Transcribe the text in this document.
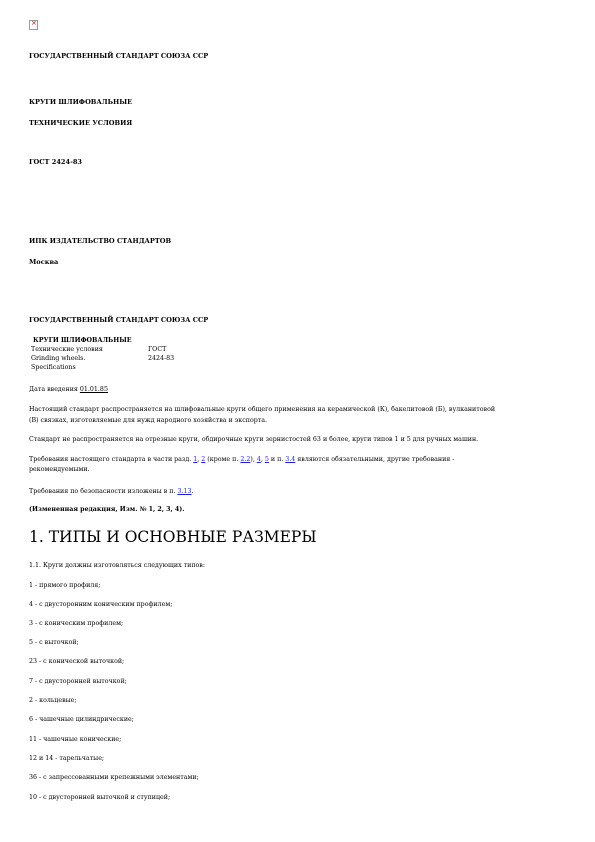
×
ГОСУДАРСТВЕННЫЙ СТАНДАРТ СОЮЗА ССР
КРУГИ ШЛИФОВАЛЬНЫЕ
ТЕХНИЧЕСКИЕ УСЛОВИЯ
ГОСТ 2424-83
ИПК ИЗДАТЕЛЬСТВО СТАНДАРТОВ
Москва
ГОСУДАРСТВЕННЫЙ СТАНДАРТ СОЮЗА ССР
КРУГИ ШЛИФОВАЛЬНЫЕ
Технические условия	ГОСТ
Grinding wheels.	2424-83
Specifications
Дата введения 01.01.85
Настоящий стандарт распространяется на шлифовальные круги общего применения на керамической (К), бакелитовой (Б), вулканитовой
(В) связках, изготовляемые для нужд народного хозяйства и экспорта.
Стандарт не распространяется на отрезные круги, обдирочные круги зернистостей 63 и более, круги типов 1 и 5 для ручных машин.
Требования настоящего стандарта в части разд. 1, 2 (кроме п. 2.2), 4, 5 и п. 3.4 являются обязательными, другие требования -
рекомендуемыми.
Требования по безопасности изложены в п. 3.13.
(Измененная редакция, Изм. № 1, 2, 3, 4).
1. ТИПЫ И ОСНОВНЫЕ РАЗМЕРЫ
1.1. Круги должны изготовляться следующих типов:
1 - прямого профиля;
4 - с двусторонним коническим профилем;
3 - с коническим профилем;
5 - с выточкой;
23 - с конической выточкой;
7 - с двусторонней выточкой;
2 - кольцевые;
6 - чашечные цилиндрические;
11 - чашечные конические;
12 и 14 - тарельчатые;
36 - с запрессованными крепежными элементами;
10 - с двусторонней выточкой и ступицей;
